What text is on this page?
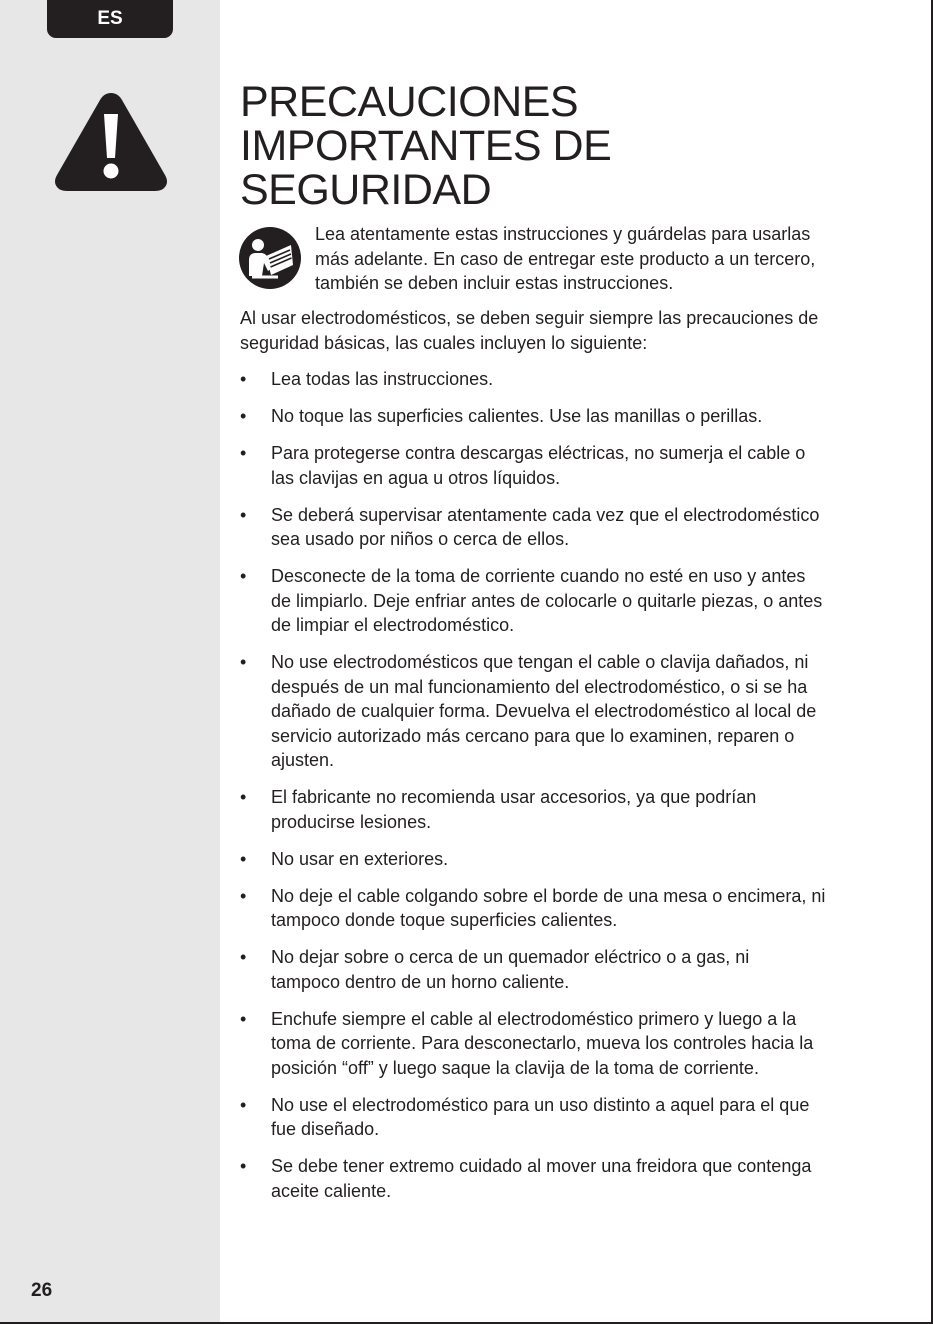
ES
26
PRECAUCIONES
IMPORTANTES DE
SEGURIDAD
Lea atentamente estas instrucciones y guárdelas para usarlas
más adelante. En caso de entregar este producto a un tercero,
también se deben incluir estas instrucciones.

Al usar electrodomésticos, se deben seguir siempre las precauciones de
seguridad básicas, las cuales incluyen lo siguiente:

• Lea todas las instrucciones.
• No toque las superficies calientes. Use las manillas o perillas.
• Para protegerse contra descargas eléctricas, no sumerja el cable o
las clavijas en agua u otros líquidos.
• Se deberá supervisar atentamente cada vez que el electrodoméstico
sea usado por niños o cerca de ellos.
• Desconecte de la toma de corriente cuando no esté en uso y antes
de limpiarlo. Deje enfriar antes de colocarle o quitarle piezas, o antes
de limpiar el electrodoméstico.
• No use electrodomésticos que tengan el cable o clavija dañados, ni
después de un mal funcionamiento del electrodoméstico, o si se ha
dañado de cualquier forma. Devuelva el electrodoméstico al local de
servicio autorizado más cercano para que lo examinen, reparen o
ajusten.
• El fabricante no recomienda usar accesorios, ya que podrían
producirse lesiones.
• No usar en exteriores.
• No deje el cable colgando sobre el borde de una mesa o encimera, ni
tampoco donde toque superficies calientes.
• No dejar sobre o cerca de un quemador eléctrico o a gas, ni
tampoco dentro de un horno caliente.
• Enchufe siempre el cable al electrodoméstico primero y luego a la
toma de corriente. Para desconectarlo, mueva los controles hacia la
posición “off” y luego saque la clavija de la toma de corriente.
• No use el electrodoméstico para un uso distinto a aquel para el que
fue diseñado.
• Se debe tener extremo cuidado al mover una freidora que contenga
aceite caliente.
